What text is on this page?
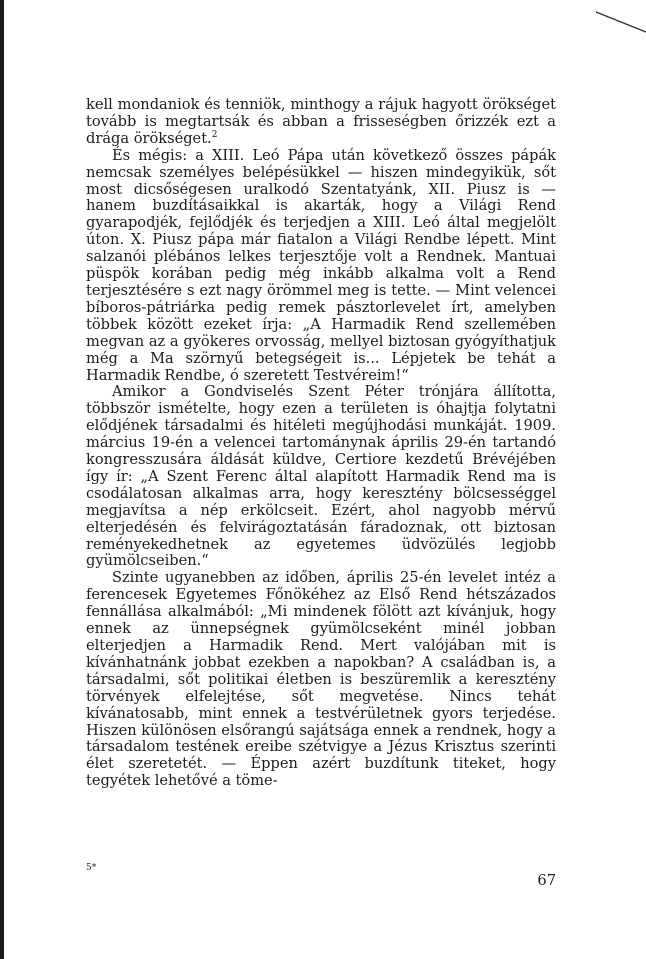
kell mondaniok és tenniök, minthogy a rájuk hagyott örökséget tovább is megtartsák és abban a frisseségben őrizzék ezt a drága örökséget.$^2$

És mégis: a XIII. Leó Pápa után következő összes pápák nemcsak személyes belépésükkel — hiszen mindegyikük, sőt most dicsőségesen uralkodó Szentatyánk, XII. Piusz is — hanem buzdításaikkal is akarták, hogy a Világi Rend gyarapodjék, fejlődjék és terjedjen a XIII. Leó által megjelölt úton. X. Piusz pápa már fiatalon a Világi Rendbe lépett. Mint salzanói plébános lelkes terjesztője volt a Rendnek. Mantuai püspök korában pedig még inkább alkalma volt a Rend terjesztésére s ezt nagy örömmel meg is tette. — Mint velencei bíboros-pátriárka pedig remek pásztorlevelet írt, amelyben többek között ezeket írja: „A Harmadik Rend szellemében megvan az a gyökeres orvosság, mellyel biztosan gyógyíthatjuk még a Ma szörnyű betegségeit is... Lépjetek be tehát a Harmadik Rendbe, ó szeretett Testvéreim!“

Amikor a Gondviselés Szent Péter trónjára állította, többször ismételte, hogy ezen a területen is óhajtja folytatni elődjének társadalmi és hitéleti megújhodási munkáját. 1909. március 19-én a velencei tartománynak április 29-én tartandó kongresszusára áldását küldve, Certiore kezdetű Brévéjében így ír: „A Szent Ferenc által alapított Harmadik Rend ma is csodálatosan alkalmas arra, hogy keresztény bölcsességgel megjavítsa a nép erkölcseit. Ezért, ahol nagyobb mérvű elterjedésén és felvirágoztatásán fáradoznak, ott biztosan reményekedhetnek az egyetemes üdvözülés legjobb gyümölcseiben.“

Szinte ugyanebben az időben, április 25-én levelet intéz a ferencesek Egyetemes Főnökéhez az Első Rend hétszázados fennállása alkalmából: „Mi mindenek fölött azt kívánjuk, hogy ennek az ünnepségnek gyümölcseként minél jobban elterjedjen a Harmadik Rend. Mert valójában mit is kívánhatnánk jobbat ezekben a napokban? A családban is, a társadalmi, sőt politikai életben is beszüremlik a keresztény törvények elfelejtése, sőt megvetése. Nincs tehát kívánatosabb, mint ennek a testvérületnek gyors terjedése. Hiszen különösen elsőrangú sajátsága ennek a rendnek, hogy a társadalom testének ereibe szétvigye a Jézus Krisztus szerinti élet szeretetét. — Éppen azért buzdítunk titeket, hogy tegyétek lehetővé a töme-

5*
67
